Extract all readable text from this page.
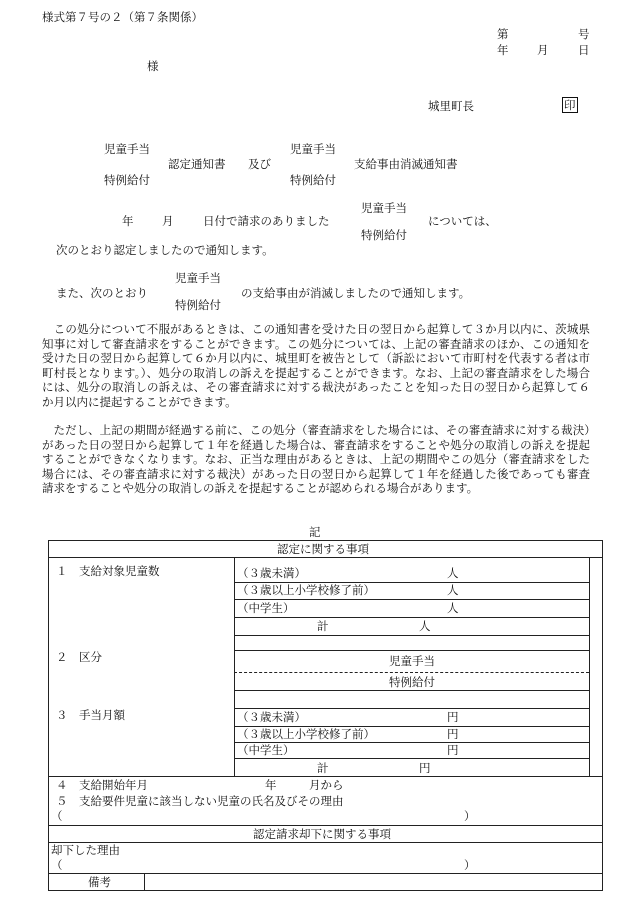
様式第７号の２（第７条関係）
第	号
年 月	日
様
城里町長	印
児童手当
特例給付
認定通知書 及び
児童手当
特例給付
支給事由消滅通知書
児童手当
特例給付
年 月	日付で請求のありました	については、
次のとおり認定しましたので通知します。
児童手当
特例給付
また、次のとおり	の支給事由が消滅しましたので通知します。
　この処分について不服があるときは、この通知書を受けた日の翌日から起算して３か月以内に、茨城県知事に対して審査請求をすることができます。この処分については、上記の審査請求のほか、この通知を受けた日の翌日から起算して６か月以内に、城里町を被告として（訴訟において市町村を代表する者は市町村長となります。）、処分の取消しの訴えを提起することができます。なお、上記の審査請求をした場合には、処分の取消しの訴えは、その審査請求に対する裁決があったことを知った日の翌日から起算して６か月以内に提起することができます。
　ただし、上記の期間が経過する前に、この処分（審査請求をした場合には、その審査請求に対する裁決）があった日の翌日から起算して１年を経過した場合は、審査請求をすることや処分の取消しの訴えを提起することができなくなります。なお、正当な理由があるときは、上記の期間やこの処分（審査請求をした場合には、その審査請求に対する裁決）があった日の翌日から起算して１年を経過した後であっても審査請求をすることや処分の取消しの訴えを提起することが認められる場合があります。
記
認定に関する事項
１　支給対象児童数	（３歳未満）	人
（３歳以上小学校修了前）	人
（中学生）	人
計	人
２　区分	児童手当
特例給付
３　手当月額	（３歳未満）	円
（３歳以上小学校修了前）	円
（中学生）	円
計	円
４　支給開始年月	年	月から
５　支給要件児童に該当しない児童の氏名及びその理由
（	）
認定請求却下に関する事項
却下した理由
（	）
備考
